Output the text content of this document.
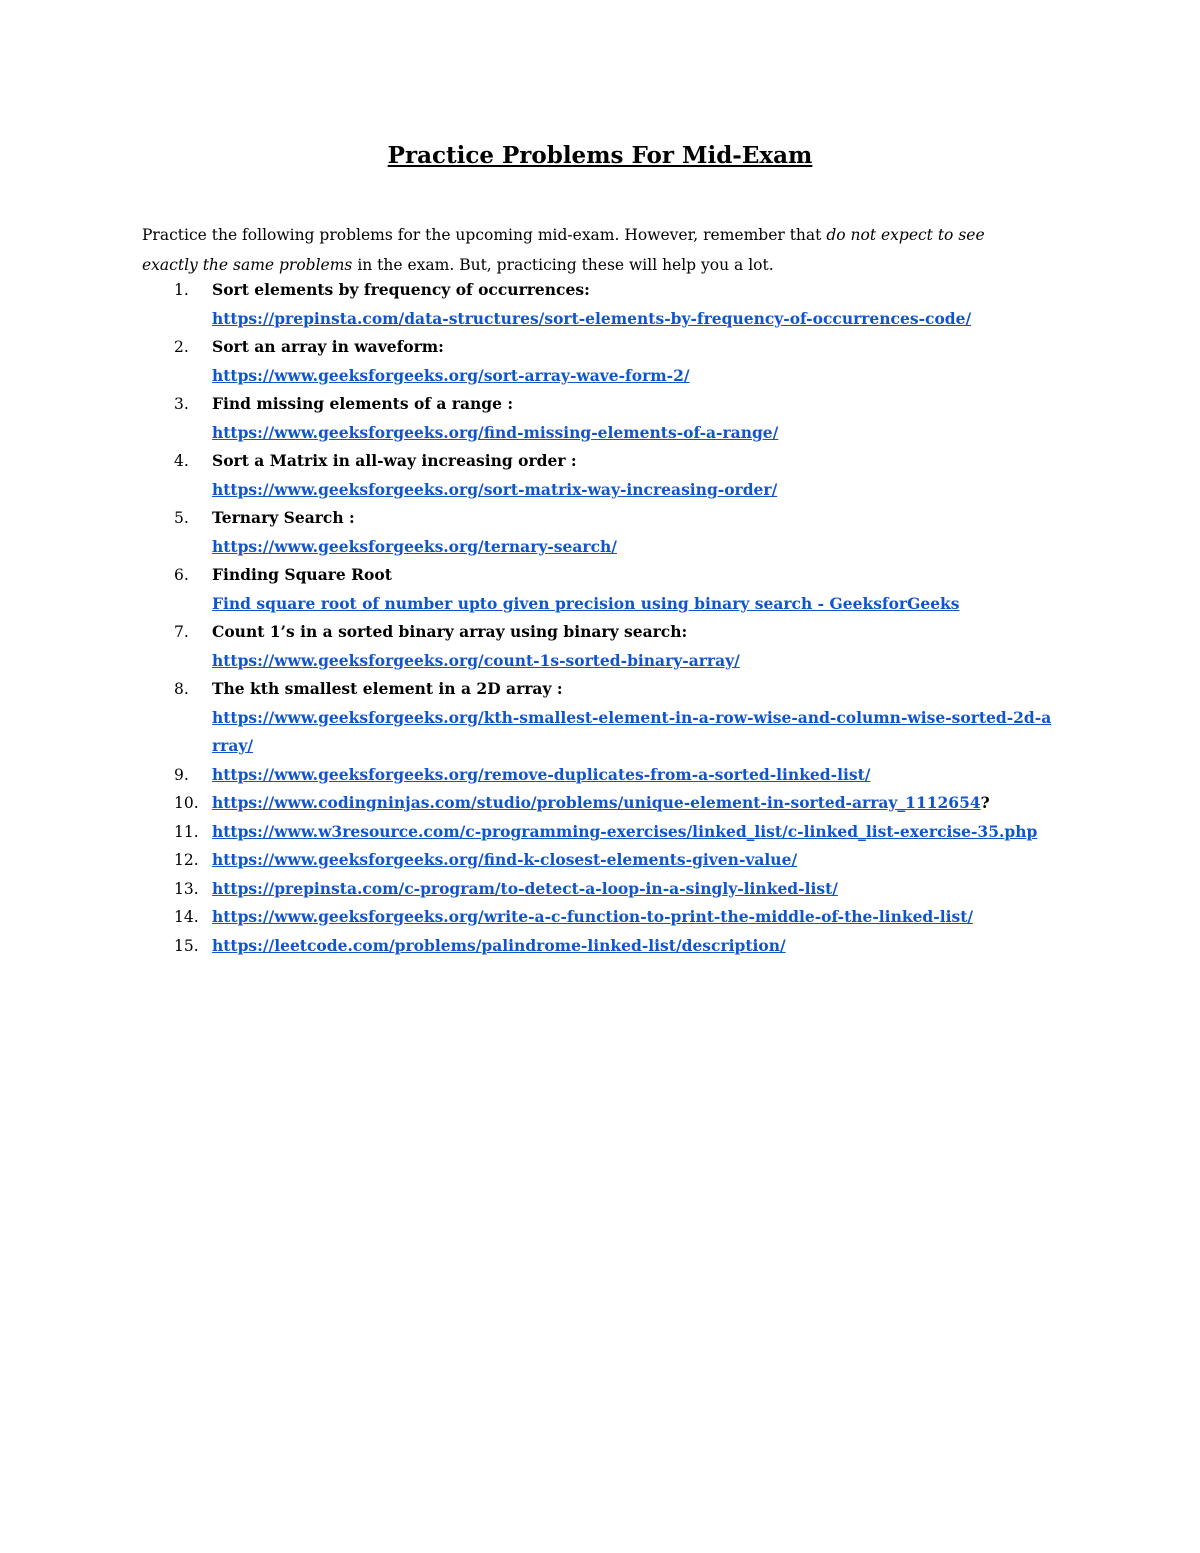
Practice Problems For Mid-Exam

Practice the following problems for the upcoming mid-exam. However, remember that do not expect to see exactly the same problems in the exam. But, practicing these will help you a lot.

1. Sort elements by frequency of occurrences:
https://prepinsta.com/data-structures/sort-elements-by-frequency-of-occurrences-code/
2. Sort an array in waveform:
https://www.geeksforgeeks.org/sort-array-wave-form-2/
3. Find missing elements of a range :
https://www.geeksforgeeks.org/find-missing-elements-of-a-range/
4. Sort a Matrix in all-way increasing order :
https://www.geeksforgeeks.org/sort-matrix-way-increasing-order/
5. Ternary Search :
https://www.geeksforgeeks.org/ternary-search/
6. Finding Square Root
Find square root of number upto given precision using binary search - GeeksforGeeks
7. Count 1’s in a sorted binary array using binary search:
https://www.geeksforgeeks.org/count-1s-sorted-binary-array/
8. The kth smallest element in a 2D array :
https://www.geeksforgeeks.org/kth-smallest-element-in-a-row-wise-and-column-wise-sorted-2d-array/
9. https://www.geeksforgeeks.org/remove-duplicates-from-a-sorted-linked-list/
10. https://www.codingninjas.com/studio/problems/unique-element-in-sorted-array_1112654?
11. https://www.w3resource.com/c-programming-exercises/linked_list/c-linked_list-exercise-35.php
12. https://www.geeksforgeeks.org/find-k-closest-elements-given-value/
13. https://prepinsta.com/c-program/to-detect-a-loop-in-a-singly-linked-list/
14. https://www.geeksforgeeks.org/write-a-c-function-to-print-the-middle-of-the-linked-list/
15. https://leetcode.com/problems/palindrome-linked-list/description/
